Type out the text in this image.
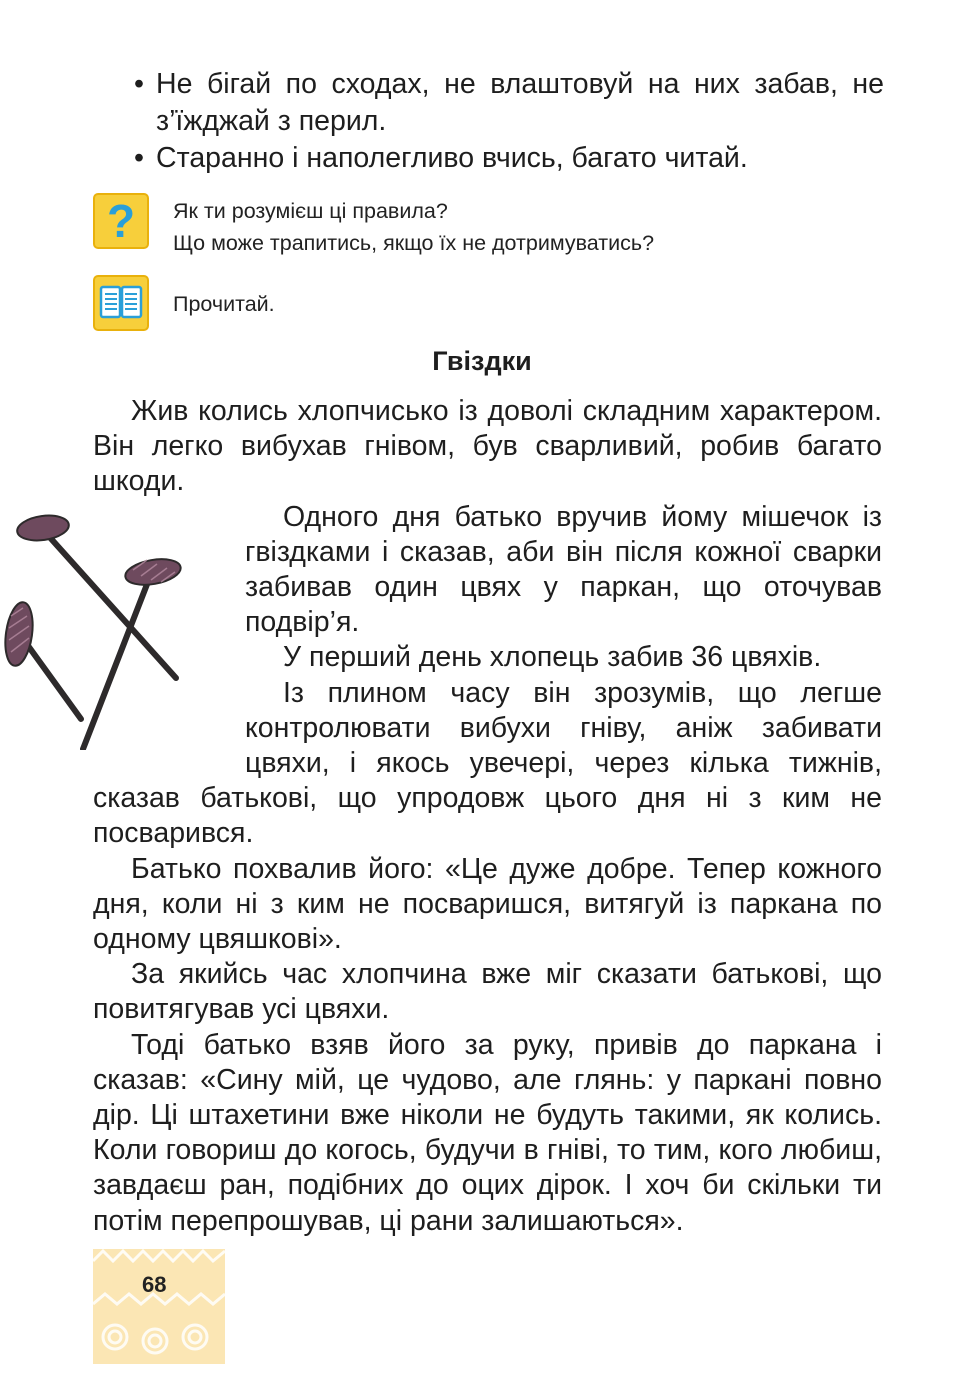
• Не бігай по сходах, не влаштовуй на них забав, не з’їжджай з перил.
• Старанно і наполегливо вчись, багато читай.
? Як ти розумієш ці правила?
Що може трапитись, якщо їх не дотримуватись?
Прочитай.
Гвіздки

Жив колись хлопчисько із доволі складним характером. Він легко вибухав гнівом, був сварливий, робив багато шкоди.

Одного дня батько вручив йому мішечок із гвіздками і сказав, аби він після кожної сварки забивав один цвях у паркан, що оточував подвір’я.

У перший день хлопець забив 36 цвяхів.

Із плином часу він зрозумів, що легше контролювати вибухи гніву, аніж забивати цвяхи, і якось увечері, через кілька тижнів, сказав батькові, що упродовж цього дня ні з ким не посварився.

Батько похвалив його: «Це дуже добре. Тепер кожного дня, коли ні з ким не посваришся, витягуй із паркана по одному цвяшкові».

За якийсь час хлопчина вже міг сказати батькові, що повитягував усі цвяхи.

Тоді батько взяв його за руку, привів до паркана і сказав: «Сину мій, це чудово, але глянь: у паркані повно дір. Ці штахетини вже ніколи не будуть такими, як колись. Коли говориш до когось, будучи в гніві, то тим, кого любиш, завдаєш ран, подібних до оцих дірок. І хоч би скільки ти потім перепрошував, ці рани залишаються».

68
